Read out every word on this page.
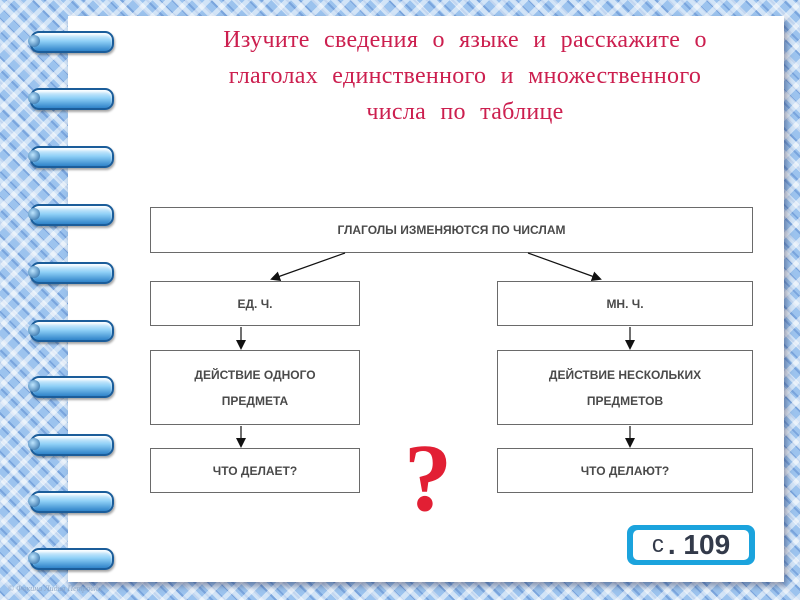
Изучите сведения о языке и расскажите о
глаголах единственного и множественного
числа по таблице
ГЛАГОЛЫ ИЗМЕНЯЮТСЯ ПО ЧИСЛАМ
ЕД. Ч.	МН. Ч.
ДЕЙСТВИЕ ОДНОГО
ПРЕДМЕТА
ДЕЙСТВИЕ НЕСКОЛЬКИХ
ПРЕДМЕТОВ
ЧТО ДЕЛАЕТ?	ЧТО ДЕЛАЮТ?
?
с . 109
© Фокина Лидия Петровна
